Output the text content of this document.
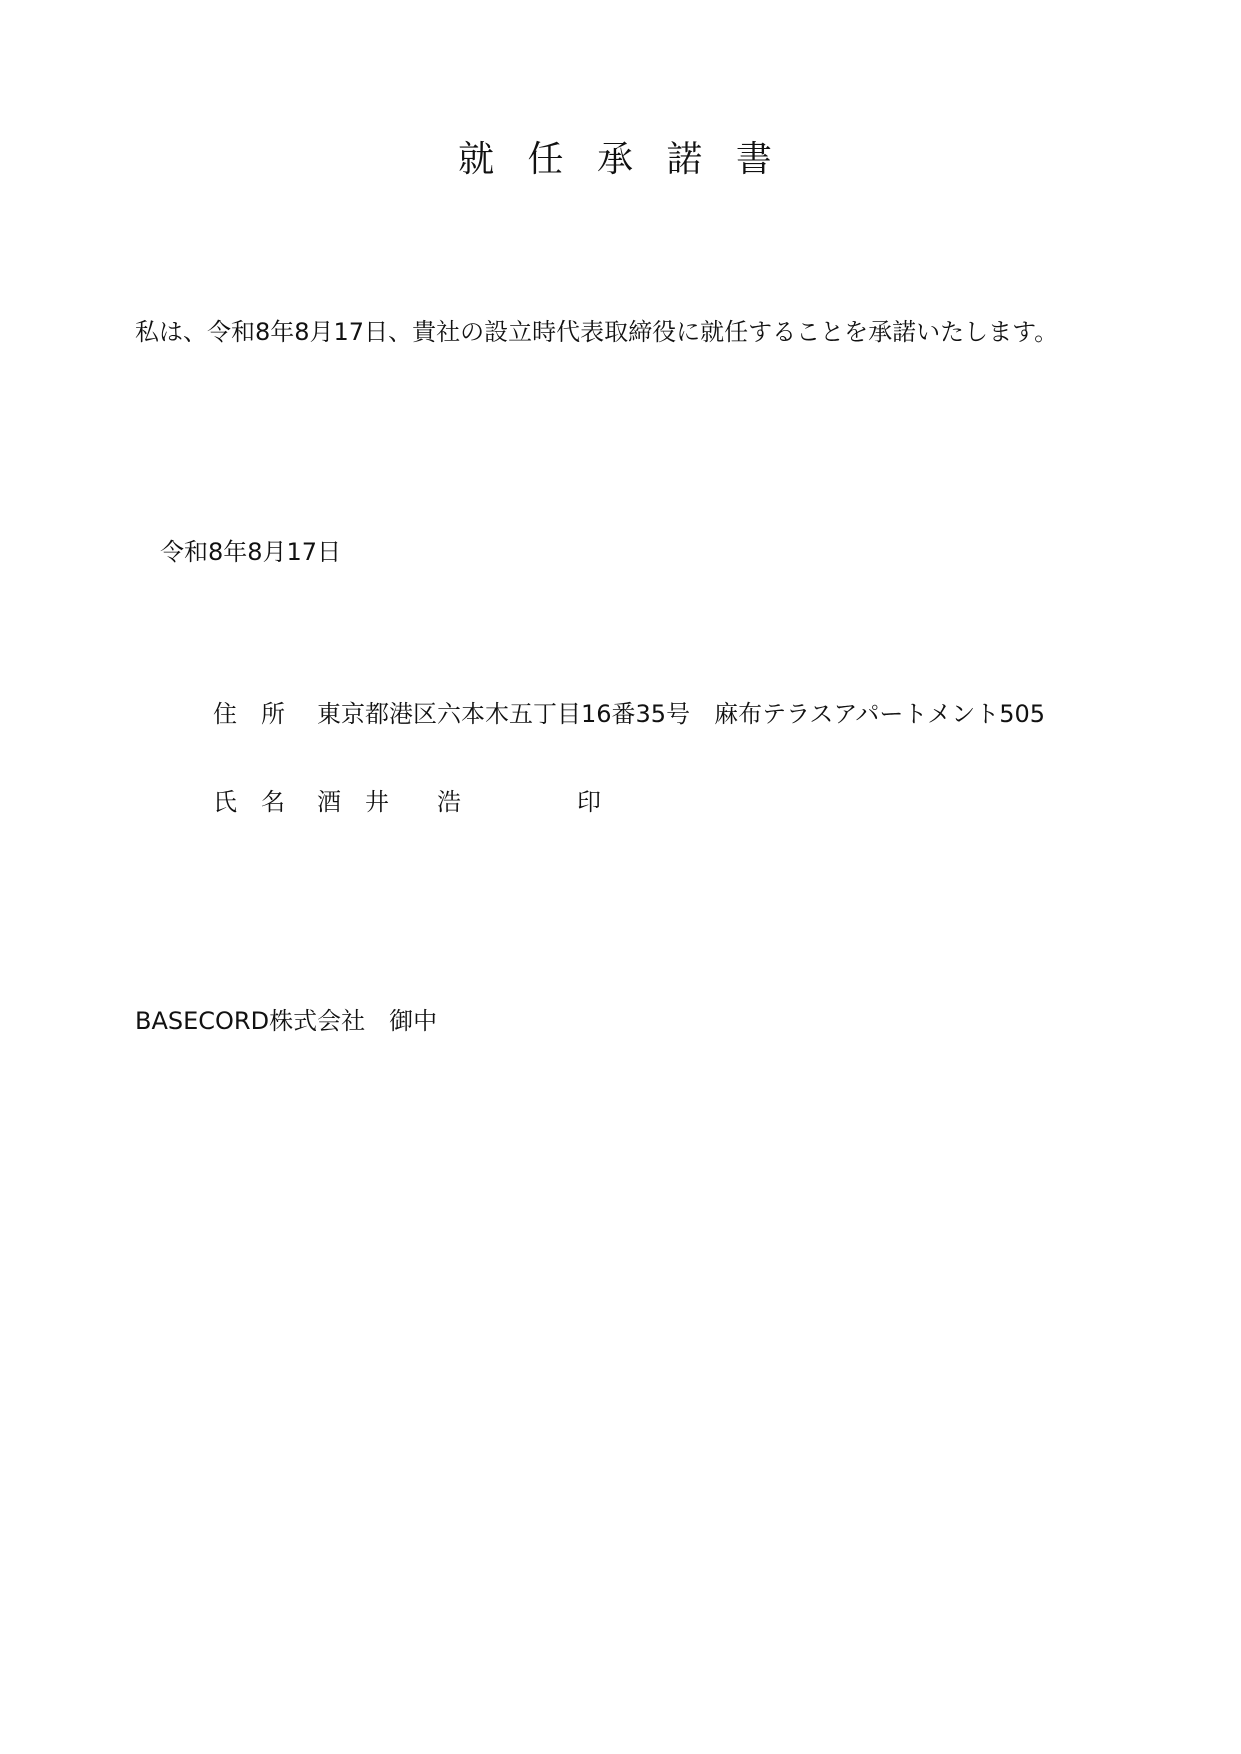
就 任 承 諾 書
私は、令和8年8月17日、貴社の設立時代表取締役に就任することを承諾いたします。
令和8年8月17日
住　所 東京都港区六本木五丁目16番35号　麻布テラスアパートメント505
氏　名 酒　井　　浩	印
BASECORD株式会社　御中
